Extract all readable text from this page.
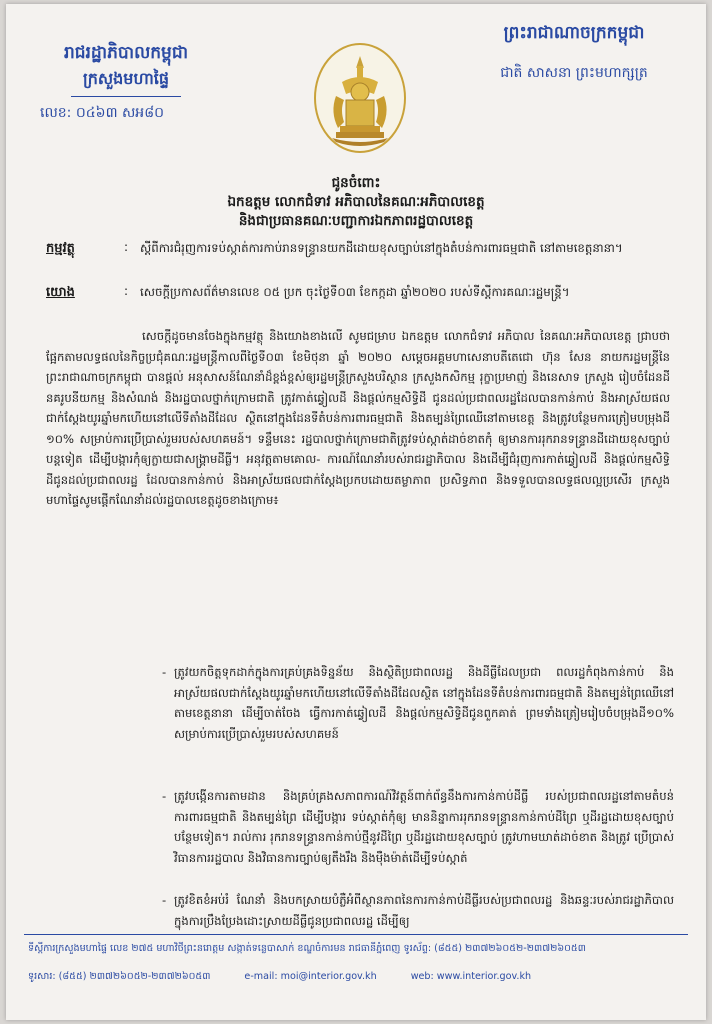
រាជរដ្ឋាភិបាលកម្ពុជា
ក្រសួងមហាផ្ទៃ
លេខ: ០៤៦៣ សអ៨០
ព្រះរាជាណាចក្រកម្ពុជា
ជាតិ សាសនា ព្រះមហាក្សត្រ
ជូនចំពោះ
ឯកឧត្តម លោកជំទាវ អភិបាលនៃគណៈអភិបាលខេត្ត
និងជាប្រធានគណៈបញ្ជាការឯកភាពរដ្ឋបាលខេត្ត
កម្មវត្ថុ	: ស្ដីពីការជំរុញការទប់ស្កាត់ការកាប់រានទន្ទ្រានយកដីដោយខុសច្បាប់នៅក្នុងតំបន់ការពារធម្មជាតិ នៅតាមខេត្តនានា។
យោង	: សេចក្ដីប្រកាសព័ត៌មានលេខ ០៥ ប្រក ចុះថ្ងៃទី០៣ ខែកក្កដា ឆ្នាំ២០២០ របស់ទីស្ដីការគណៈរដ្ឋមន្ត្រី។
សេចក្ដីដូចមានចែងក្នុងកម្មវត្ថុ និងយោងខាងលើ សូមជម្រាប ឯកឧត្តម លោកជំទាវ អភិបាល នៃគណៈអភិបាលខេត្ត ជ្រាបថា ផ្អែកតាមលទ្ធផលនៃកិច្ចប្រជុំគណៈរដ្ឋមន្ត្រីកាលពីថ្ងៃទី០៣ ខែមិថុនា ឆ្នាំ ២០២០ សម្ដេចអគ្គមហាសេនាបតីតេជោ ហ៊ុន សែន នាយករដ្ឋមន្ត្រីនៃព្រះរាជាណាចក្រកម្ពុជា បានផ្ដល់ អនុសាសន៍ណែនាំដ៏ខ្ពង់ខ្ពស់ឲ្យរដ្ឋមន្ត្រីក្រសួងបរិស្ថាន ក្រសួងកសិកម្ម រុក្ខាប្រមាញ់ និងនេសាទ ក្រសួង រៀបចំដែនដី នគរូបនីយកម្ម និងសំណង់ និងរដ្ឋបាលថ្នាក់ក្រោមជាតិ ត្រូវកាត់ឆ្វៀលដី និងផ្ដល់កម្មសិទ្ធិដី ជូនដល់ប្រជាពលរដ្ឋដែលបានកាន់កាប់ និងអាស្រ័យផលជាក់ស្ដែងយូរឆ្នាំមកហើយនៅលើទីតាំងដីដែល ស្ថិតនៅក្នុងដែនទីតំបន់ការពារធម្មជាតិ និងតម្បន់ព្រៃឈើនៅតាមខេត្ត និងត្រូវបន្ថែមការត្រៀមបម្រុងដី ១០% សម្រាប់ការប្រើប្រាស់រួមរបស់សហគមន៍។ ទន្ទឹមនេះ រដ្ឋបាលថ្នាក់ក្រោមជាតិត្រូវទប់ស្កាត់ដាច់ខាតកុំ ឲ្យមានការរុករានទន្ទ្រានដីដោយខុសច្បាប់បន្តទៀត ដើម្បីបង្ការកុំឲ្យក្លាយជាសង្គ្រាមដីធ្លី។ អនុវត្តតាមគោល- ការណ៍ណែនាំរបស់រាជរដ្ឋាភិបាល និងដើម្បីជំរុញការកាត់ឆ្វៀលដី និងផ្ដល់កម្មសិទ្ធិដីជូនដល់ប្រជាពលរដ្ឋ ដែលបានកាន់កាប់ និងអាស្រ័យផលជាក់ស្ដែងប្រកបដោយតម្លាភាព ប្រសិទ្ធភាព និងទទួលបានលទ្ធផលល្អប្រសើរ ក្រសួងមហាផ្ទៃសូមផ្ដើកណែនាំដល់រដ្ឋបាលខេត្តដូចខាងក្រោម៖
- ត្រូវយកចិត្តទុកដាក់ក្នុងការគ្រប់គ្រងទិន្នន័យ និងស្ថិតិប្រជាពលរដ្ឋ និងដីធ្លីដែលប្រជា ពលរដ្ឋកំពុងកាន់កាប់ និងអាស្រ័យផលជាក់ស្ដែងយូរឆ្នាំមកហើយនៅលើទីតាំងដីដែលស្ថិត នៅក្នុងដែនទីតំបន់ការពារធម្មជាតិ និងតម្បន់ព្រៃឈើនៅតាមខេត្តនានា ដើម្បីចាត់ចែង ធ្វើការកាត់ឆ្វៀលដី និងផ្ដល់កម្មសិទ្ធិដីជូនពួកគាត់ ព្រមទាំងត្រៀមរៀបចំបម្រុងដី១០% សម្រាប់ការប្រើប្រាស់រួមរបស់សហគមន៍
- ត្រូវបង្កើនការតាមដាន និងគ្រប់គ្រងសភាពការណ៍វិវត្តន៍ពាក់ព័ន្ធនឹងការកាន់កាប់ដីធ្លី របស់ប្រជាពលរដ្ឋនៅតាមតំបន់ការពារធម្មជាតិ និងតម្បន់ព្រៃ ដើម្បីបង្ការ ទប់ស្កាត់កុំឲ្យ មាននិន្នាការរុករានទន្ទ្រានកាន់កាប់ដីព្រៃ ឬដីរដ្ឋដោយខុសច្បាប់បន្ថែមទៀត។ រាល់ការ រុករានទន្ទ្រានកាន់កាប់ថ្មីនូវដីព្រៃ ឬដីរដ្ឋដោយខុសច្បាប់ ត្រូវហាមឃាត់ដាច់ខាត និងត្រូវ ប្រើប្រាស់វិធានការរដ្ឋបាល និងវិធានការច្បាប់ឲ្យតឹងរឹង និងម៉ឺងម៉ាត់ដើម្បីទប់ស្កាត់
- ត្រូវខិតខំអប់រំ ណែនាំ និងបកស្រាយបំភ្លឺអំពីស្ថានភាពនៃការកាន់កាប់ដីធ្លីរបស់ប្រជាពលរដ្ឋ និងឆន្ទៈរបស់រាជរដ្ឋាភិបាលក្នុងការប្រឹងប្រែងដោះស្រាយដីធ្លីជូនប្រជាពលរដ្ឋ ដើម្បីឲ្យ
ទីស្ដីការក្រសួងមហាផ្ទៃ លេខ ២៧៥ មហាវិថីព្រះនរោត្តម សង្កាត់ទន្លេបាសាក់ ខណ្ឌចំការមន រាជធានីភ្នំពេញ ទូរស័ព្ទ: (៨៥៥) ២៣៧២៦០៥២-២៣៧២៦០៥៣
ទូរសារ: (៨៥៥) ២៣៧២៦០៥២-២៣៧២៦០៥៣	e-mail: moi@interior.gov.kh	web: www.interior.gov.kh
